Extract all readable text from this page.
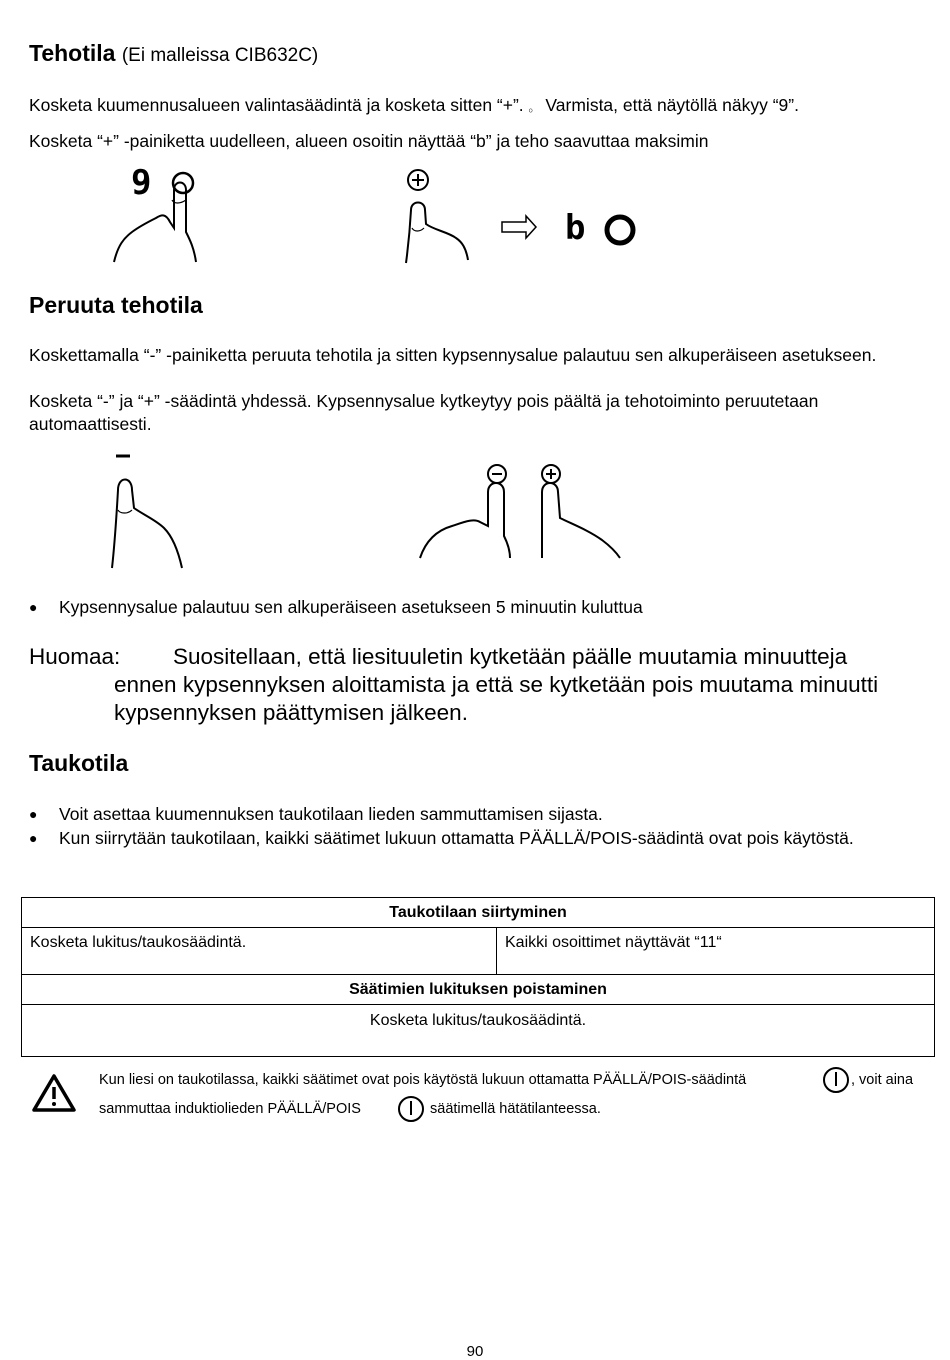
Tehotila (Ei malleissa CIB632C)
Kosketa kuumennusalueen valintasäädintä ja kosketa sitten “+”. 。 Varmista, että näytöllä näkyy “9”.
Kosketa “+” -painiketta uudelleen, alueen osoitin näyttää “b” ja teho saavuttaa maksimin
9
b
Peruuta tehotila
Koskettamalla “-” -painiketta peruuta tehotila ja sitten kypsennysalue palautuu sen alkuperäiseen asetukseen.
Kosketa “-” ja “+” -säädintä yhdessä. Kypsennysalue kytkeytyy pois päältä ja tehotoiminto peruutetaan automaattisesti.
● Kypsennysalue palautuu sen alkuperäiseen asetukseen 5 minuutin kuluttua
Huomaa: Suositellaan, että liesituuletin kytketään päälle muutamia minuutteja
ennen kypsennyksen aloittamista ja että se kytketään pois muutama minuutti
kypsennyksen päättymisen jälkeen.
Taukotila
● Voit asettaa kuumennuksen taukotilaan lieden sammuttamisen sijasta.
● Kun siirrytään taukotilaan, kaikki säätimet lukuun ottamatta PÄÄLLÄ/POIS-säädintä ovat pois käytöstä.
Taukotilaan siirtyminen
Kosketa lukitus/taukosäädintä.	Kaikki osoittimet näyttävät “11“
Säätimien lukituksen poistaminen
Kosketa lukitus/taukosäädintä.
Kun liesi on taukotilassa, kaikki säätimet ovat pois käytöstä lukuun ottamatta PÄÄLLÄ/POIS-säädintä	, voit aina
sammuttaa induktiolieden PÄÄLLÄ/POIS	säätimellä hätätilanteessa.
90
